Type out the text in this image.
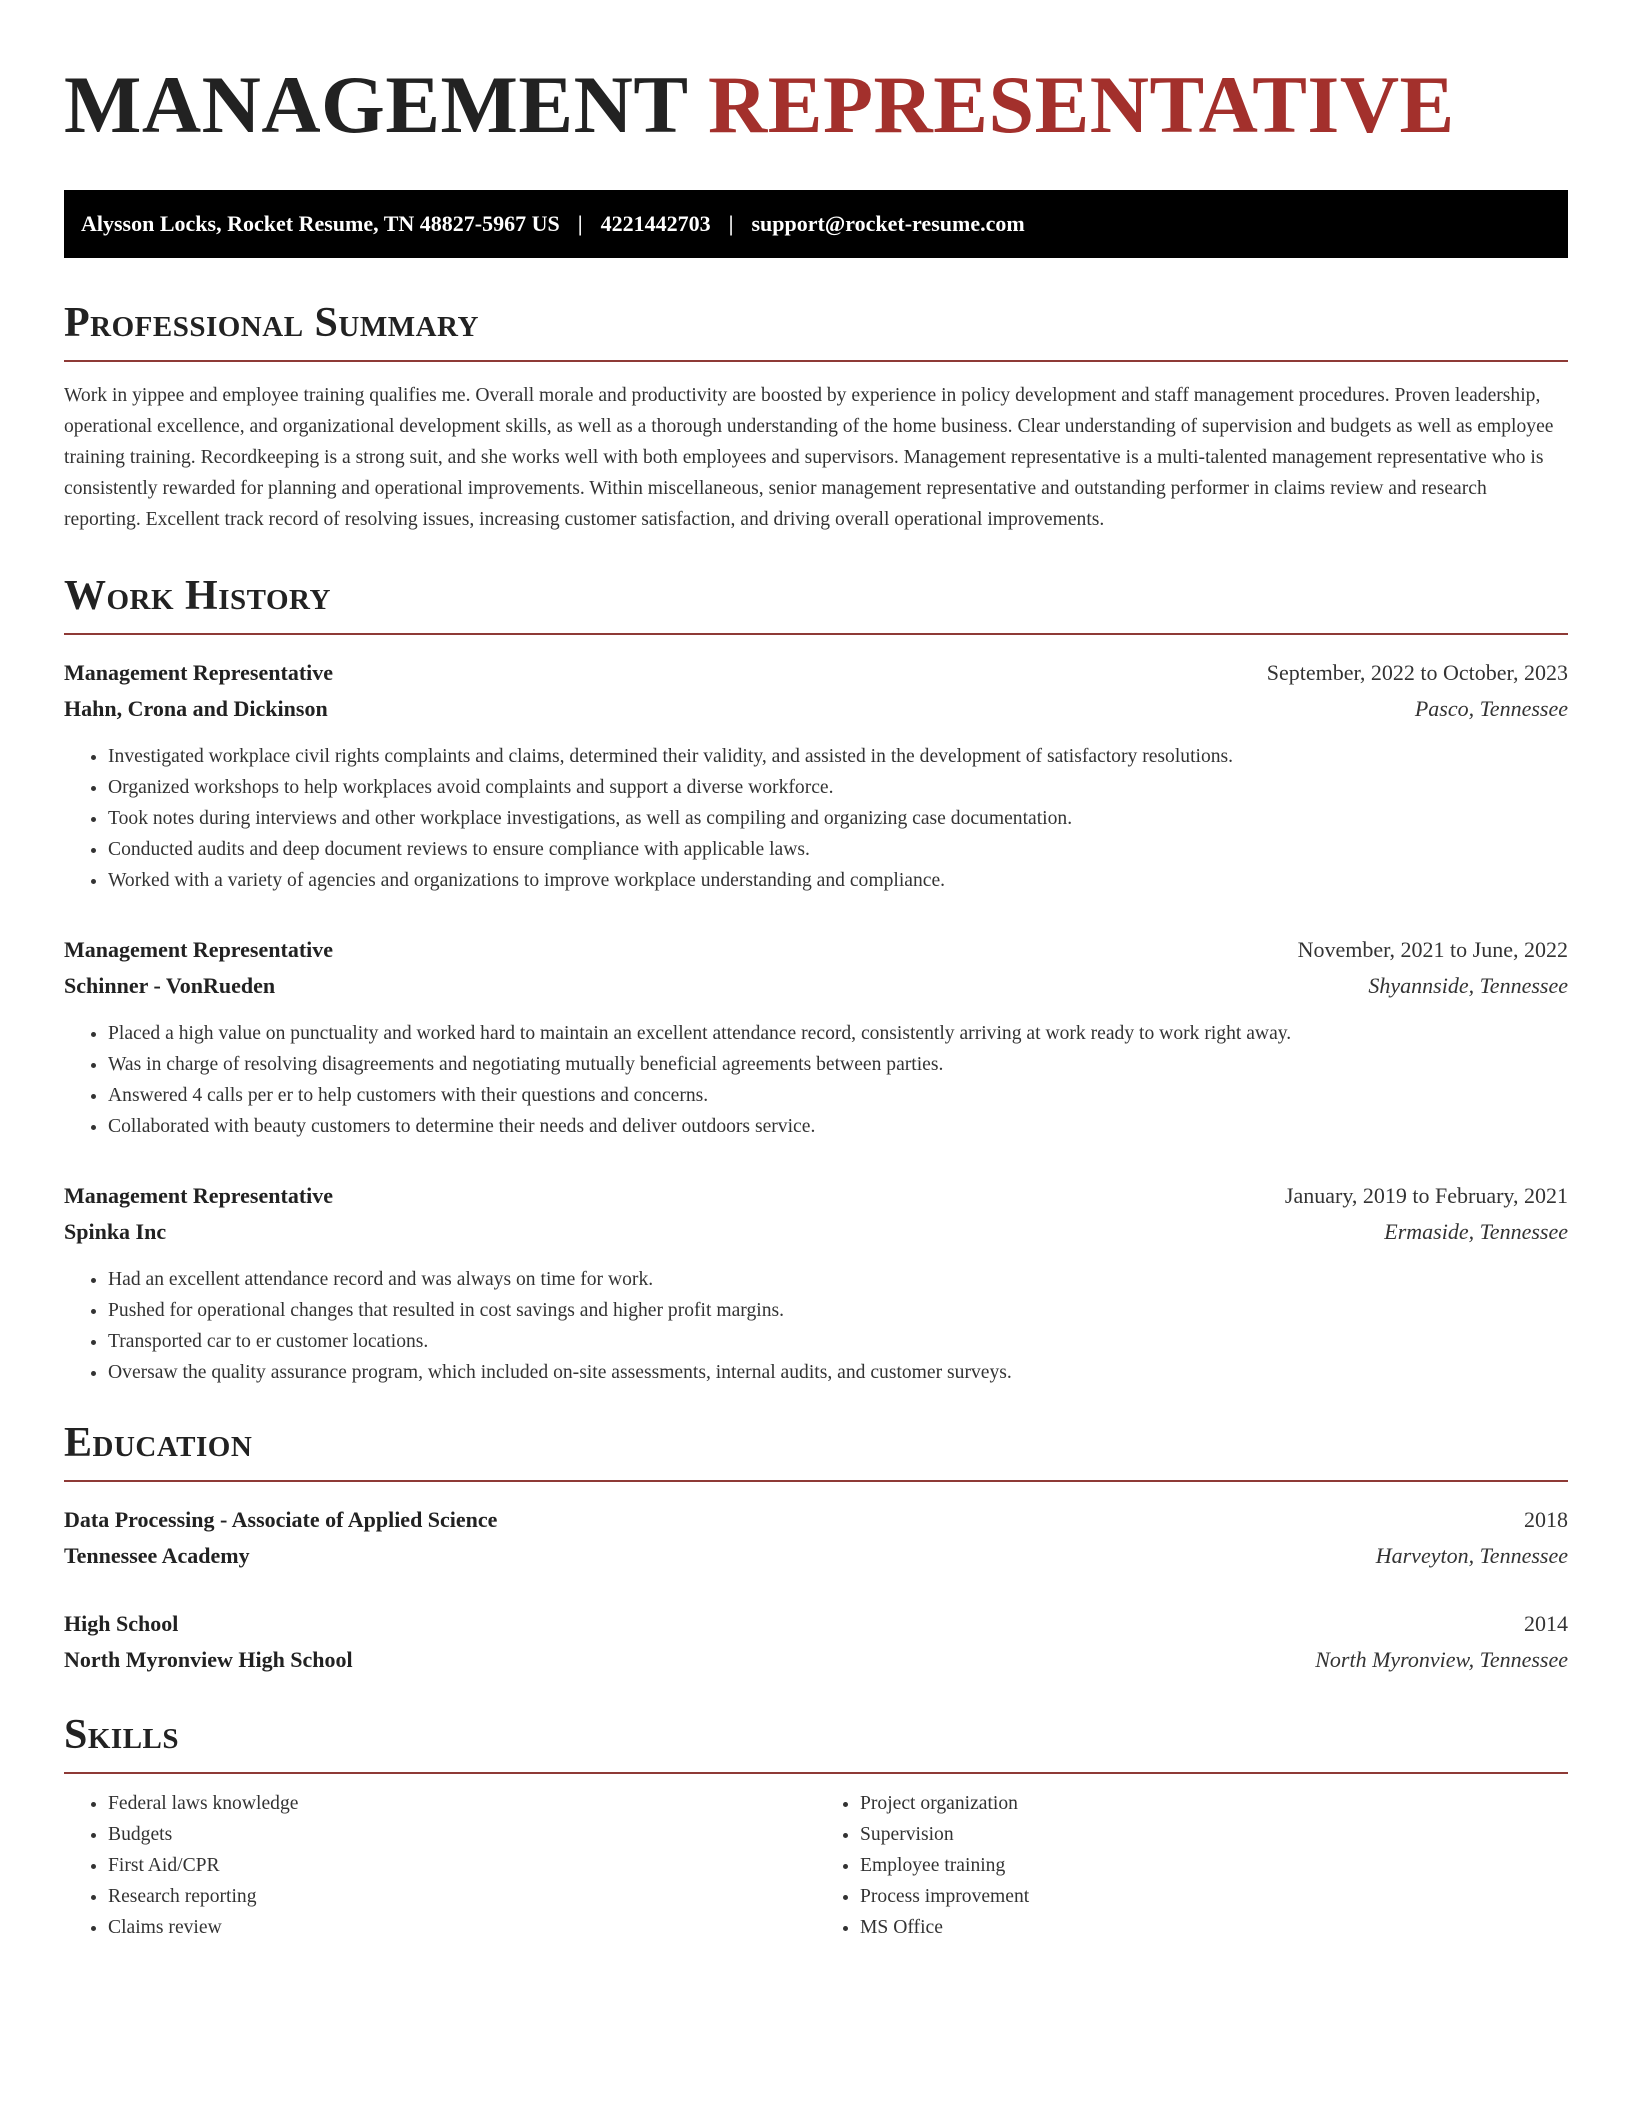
MANAGEMENT REPRESENTATIVE
Alysson Locks, Rocket Resume, TN 48827-5967 US | 4221442703 | support@rocket-resume.com
Professional Summary

Work in yippee and employee training qualifies me. Overall morale and productivity are boosted by experience in policy development and staff management procedures. Proven leadership, operational excellence, and organizational development skills, as well as a thorough understanding of the home business. Clear understanding of supervision and budgets as well as employee training training. Recordkeeping is a strong suit, and she works well with both employees and supervisors. Management representative is a multi-talented management representative who is consistently rewarded for planning and operational improvements. Within miscellaneous, senior management representative and outstanding performer in claims review and research reporting. Excellent track record of resolving issues, increasing customer satisfaction, and driving overall operational improvements.

Work History
Management Representative	September, 2022 to October, 2023
Hahn, Crona and Dickinson	Pasco, Tennessee
• Investigated workplace civil rights complaints and claims, determined their validity, and assisted in the development of satisfactory resolutions.
• Organized workshops to help workplaces avoid complaints and support a diverse workforce.
• Took notes during interviews and other workplace investigations, as well as compiling and organizing case documentation.
• Conducted audits and deep document reviews to ensure compliance with applicable laws.
• Worked with a variety of agencies and organizations to improve workplace understanding and compliance.
Management Representative	November, 2021 to June, 2022
Schinner - VonRueden	Shyannside, Tennessee
• Placed a high value on punctuality and worked hard to maintain an excellent attendance record, consistently arriving at work ready to work right away.
• Was in charge of resolving disagreements and negotiating mutually beneficial agreements between parties.
• Answered 4 calls per er to help customers with their questions and concerns.
• Collaborated with beauty customers to determine their needs and deliver outdoors service.
Management Representative	January, 2019 to February, 2021
Spinka Inc	Ermaside, Tennessee
• Had an excellent attendance record and was always on time for work.
• Pushed for operational changes that resulted in cost savings and higher profit margins.
• Transported car to er customer locations.
• Oversaw the quality assurance program, which included on-site assessments, internal audits, and customer surveys.
Education
Data Processing - Associate of Applied Science	2018
Tennessee Academy	Harveyton, Tennessee
High School	2014
North Myronview High School	North Myronview, Tennessee
Skills
• Federal laws knowledge
• Budgets
• First Aid/CPR
• Research reporting
• Claims review
• Project organization
• Supervision
• Employee training
• Process improvement
• MS Office
